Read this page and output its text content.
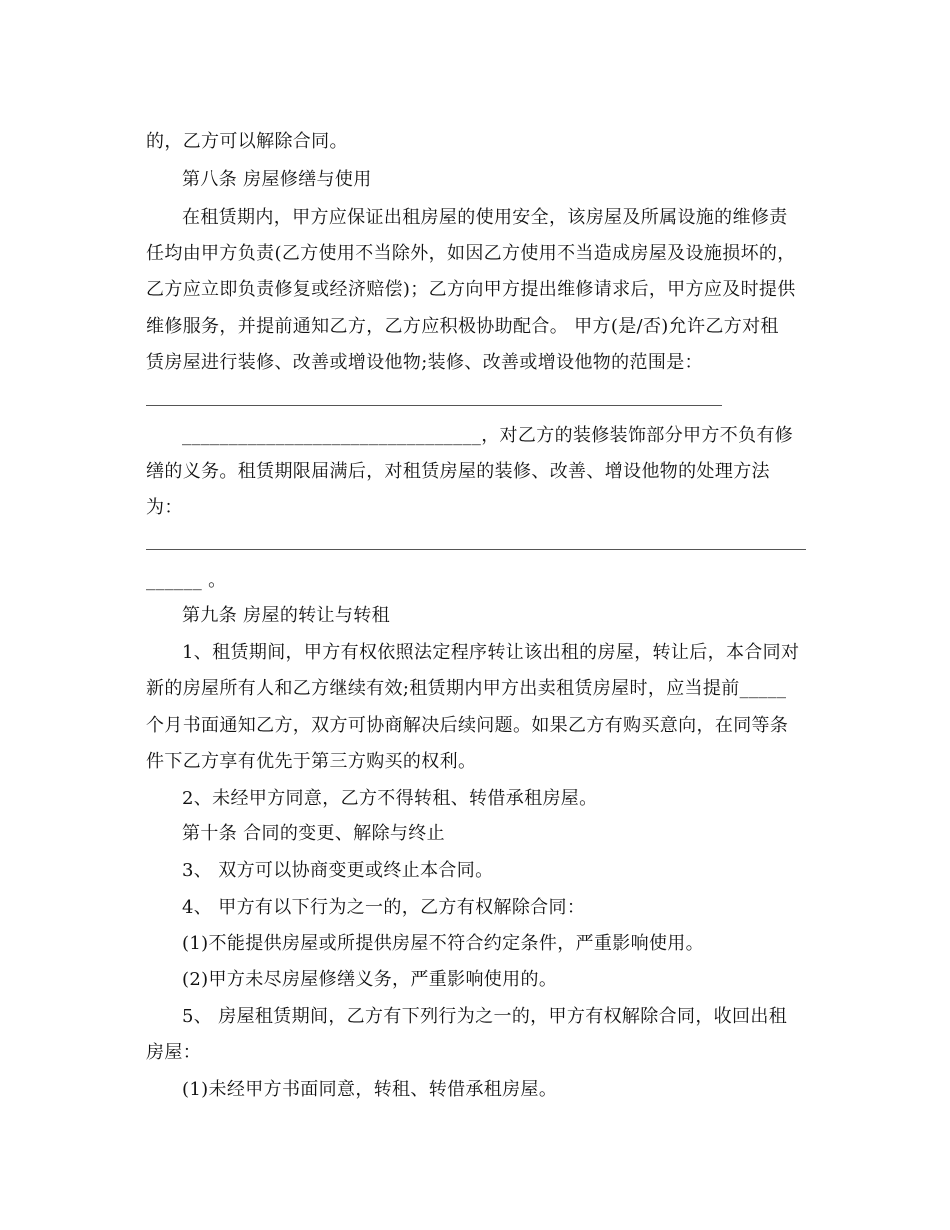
的，乙方可以解除合同。
第八条 房屋修缮与使用
在租赁期内，甲方应保证出租房屋的使用安全，该房屋及所属设施的维修责
任均由甲方负责(乙方使用不当除外，如因乙方使用不当造成房屋及设施损坏的，
乙方应立即负责修复或经济赔偿)；乙方向甲方提出维修请求后，甲方应及时提供
维修服务，并提前通知乙方，乙方应积极协助配合。 甲方(是/否)允许乙方对租
赁房屋进行装修、改善或增设他物;装修、改善或增设他物的范围是：
________________________________，对乙方的装修装饰部分甲方不负有修
缮的义务。租赁期限届满后，对租赁房屋的装修、改善、增设他物的处理方法
为：
______ 。
第九条 房屋的转让与转租
1、租赁期间，甲方有权依照法定程序转让该出租的房屋，转让后，本合同对
新的房屋所有人和乙方继续有效;租赁期内甲方出卖租赁房屋时，应当提前_____
个月书面通知乙方，双方可协商解决后续问题。如果乙方有购买意向，在同等条
件下乙方享有优先于第三方购买的权利。
2、未经甲方同意，乙方不得转租、转借承租房屋。
第十条 合同的变更、解除与终止
3、 双方可以协商变更或终止本合同。
4、 甲方有以下行为之一的，乙方有权解除合同：
(1)不能提供房屋或所提供房屋不符合约定条件，严重影响使用。
(2)甲方未尽房屋修缮义务，严重影响使用的。
5、 房屋租赁期间，乙方有下列行为之一的，甲方有权解除合同，收回出租
房屋：
(1)未经甲方书面同意，转租、转借承租房屋。
